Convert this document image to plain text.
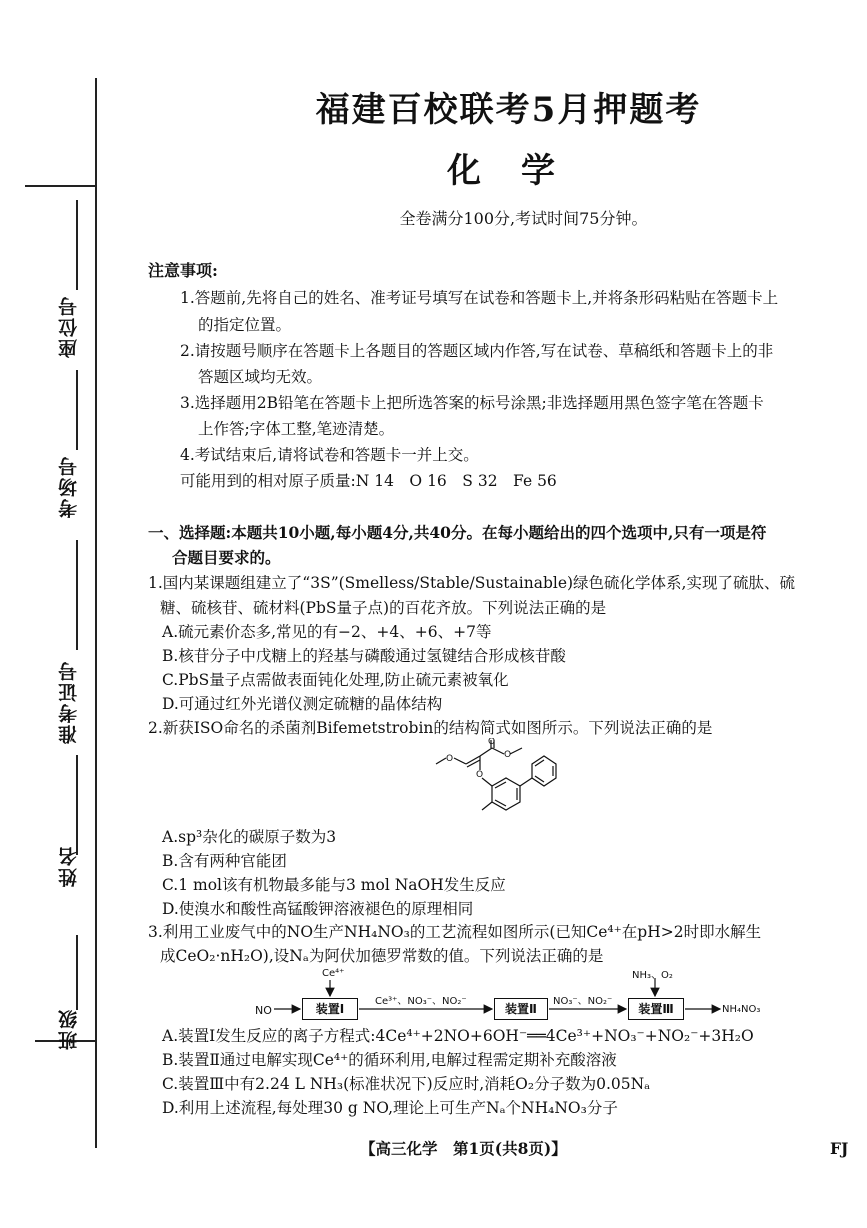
座位号
考场号
准考证号
姓名
班级
福建百校联考5月押题考
化学
全卷满分100分,考试时间75分钟。
注意事项:
1.答题前,先将自己的姓名、准考证号填写在试卷和答题卡上,并将条形码粘贴在答题卡上
的指定位置。
2.请按题号顺序在答题卡上各题目的答题区域内作答,写在试卷、草稿纸和答题卡上的非
答题区域均无效。
3.选择题用2B铅笔在答题卡上把所选答案的标号涂黑;非选择题用黑色签字笔在答题卡
上作答;字体工整,笔迹清楚。
4.考试结束后,请将试卷和答题卡一并上交。
可能用到的相对原子质量:N 14　O 16　S 32　Fe 56
一、选择题:本题共10小题,每小题4分,共40分。在每小题给出的四个选项中,只有一项是符
合题目要求的。
1.国内某课题组建立了“3S”(Smelless/Stable/Sustainable)绿色硫化学体系,实现了硫肽、硫
糖、硫核苷、硫材料(PbS量子点)的百花齐放。下列说法正确的是
A.硫元素价态多,常见的有−2、+4、+6、+7等
B.核苷分子中戊糖上的羟基与磷酸通过氢键结合形成核苷酸
C.PbS量子点需做表面钝化处理,防止硫元素被氧化
D.可通过红外光谱仪测定硫糖的晶体结构
2.新获ISO命名的杀菌剂Bifemetstrobin的结构简式如图所示。下列说法正确的是
O	O
O
O
A.sp³杂化的碳原子数为3
B.含有两种官能团
C.1 mol该有机物最多能与3 mol NaOH发生反应
D.使溴水和酸性高锰酸钾溶液褪色的原理相同
3.利用工业废气中的NO生产NH₄NO₃的工艺流程如图所示(已知Ce⁴⁺在pH>2时即水解生
成CeO₂·nH₂O),设Nₐ为阿伏加德罗常数的值。下列说法正确的是
NO
Ce⁴⁺
装置Ⅰ
Ce³⁺、NO₃⁻、NO₂⁻
装置Ⅱ
NO₃⁻、NO₂⁻
NH₃、O₂
装置Ⅲ	NH₄NO₃
A.装置Ⅰ发生反应的离子方程式:4Ce⁴⁺+2NO+6OH⁻══4Ce³⁺+NO₃⁻+NO₂⁻+3H₂O
B.装置Ⅱ通过电解实现Ce⁴⁺的循环利用,电解过程需定期补充酸溶液
C.装置Ⅲ中有2.24 L NH₃(标准状况下)反应时,消耗O₂分子数为0.05Nₐ
D.利用上述流程,每处理30 g NO,理论上可生产Nₐ个NH₄NO₃分子
【高三化学　第1页(共8页)】	FJ
